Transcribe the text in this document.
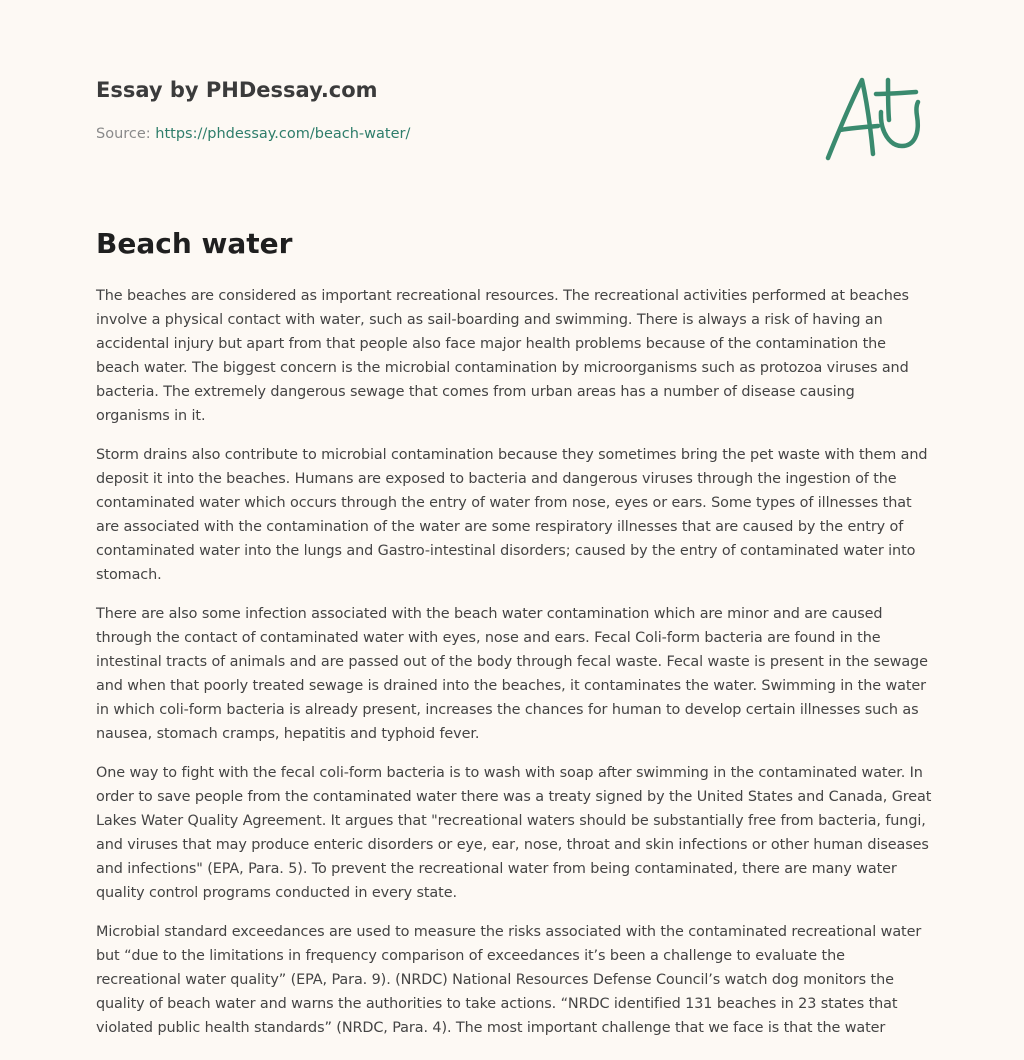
Essay by PHDessay.com
Source: https://phdessay.com/beach-water/
Beach water

The beaches are considered as important recreational resources. The recreational activities performed at beaches involve a physical contact with water, such as sail-boarding and swimming. There is always a risk of having an accidental injury but apart from that people also face major health problems because of the contamination the beach water. The biggest concern is the microbial contamination by microorganisms such as protozoa viruses and bacteria. The extremely dangerous sewage that comes from urban areas has a number of disease causing organisms in it.

Storm drains also contribute to microbial contamination because they sometimes bring the pet waste with them and deposit it into the beaches. Humans are exposed to bacteria and dangerous viruses through the ingestion of the contaminated water which occurs through the entry of water from nose, eyes or ears. Some types of illnesses that are associated with the contamination of the water are some respiratory illnesses that are caused by the entry of contaminated water into the lungs and Gastro-intestinal disorders; caused by the entry of contaminated water into stomach.

There are also some infection associated with the beach water contamination which are minor and are caused through the contact of contaminated water with eyes, nose and ears. Fecal Coli-form bacteria are found in the intestinal tracts of animals and are passed out of the body through fecal waste. Fecal waste is present in the sewage and when that poorly treated sewage is drained into the beaches, it contaminates the water. Swimming in the water in which coli-form bacteria is already present, increases the chances for human to develop certain illnesses such as nausea, stomach cramps, hepatitis and typhoid fever.

One way to fight with the fecal coli-form bacteria is to wash with soap after swimming in the contaminated water. In order to save people from the contaminated water there was a treaty signed by the United States and Canada, Great Lakes Water Quality Agreement. It argues that "recreational waters should be substantially free from bacteria, fungi, and viruses that may produce enteric disorders or eye, ear, nose, throat and skin infections or other human diseases and infections" (EPA, Para. 5). To prevent the recreational water from being contaminated, there are many water quality control programs conducted in every state.

Microbial standard exceedances are used to measure the risks associated with the contaminated recreational water but “due to the limitations in frequency comparison of exceedances it’s been a challenge to evaluate the recreational water quality” (EPA, Para. 9). (NRDC) National Resources Defense Council’s watch dog monitors the quality of beach water and warns the authorities to take actions. “NRDC identified 131 beaches in 23 states that violated public health standards” (NRDC, Para. 4). The most important challenge that we face is that the water
